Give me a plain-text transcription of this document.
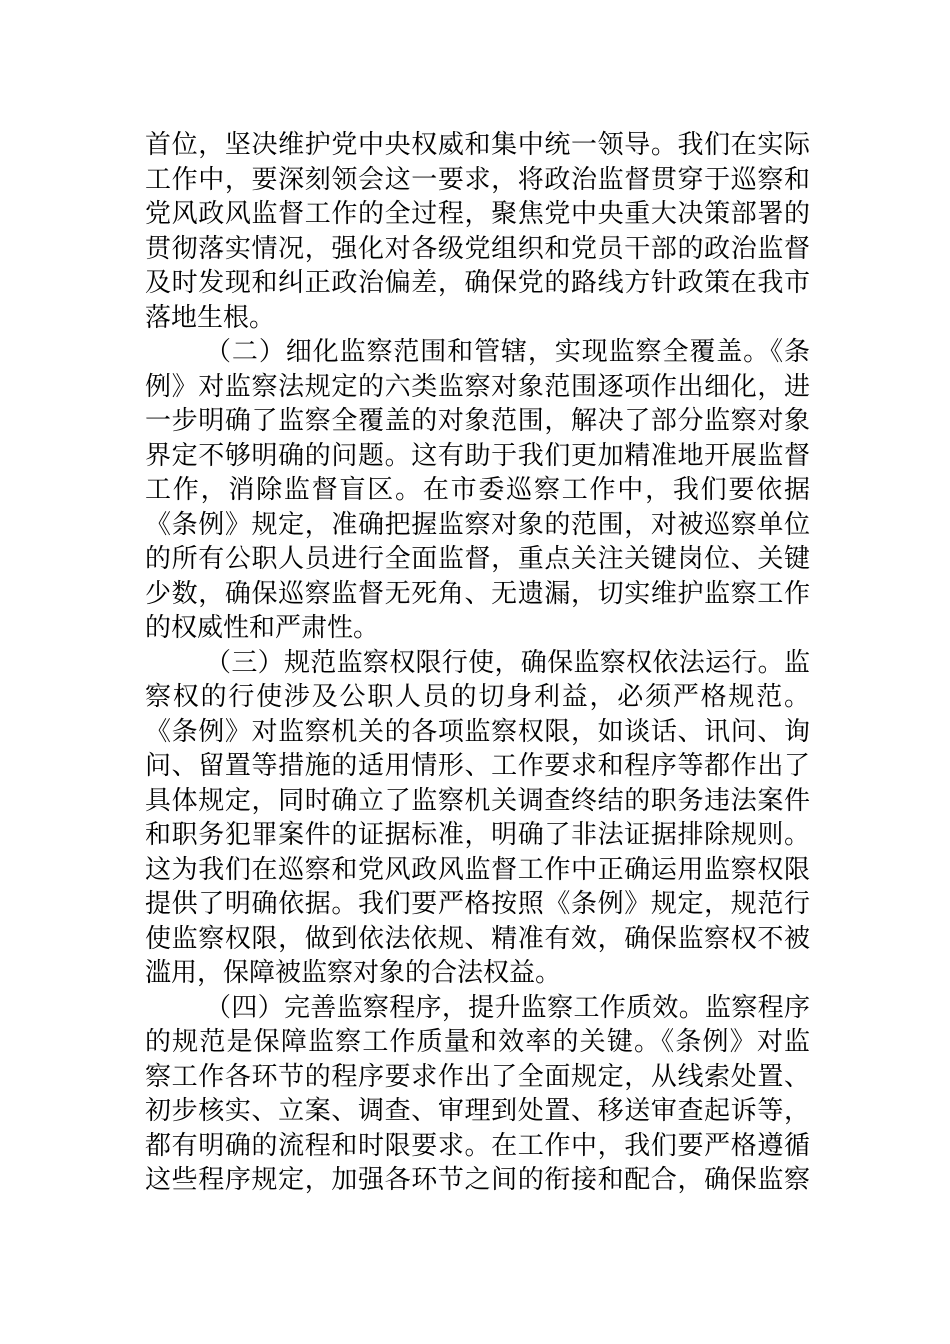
首位，坚决维护党中央权威和集中统一领导。我们在实际
工作中，要深刻领会这一要求，将政治监督贯穿于巡察和
党风政风监督工作的全过程，聚焦党中央重大决策部署的
贯彻落实情况，强化对各级党组织和党员干部的政治监督
及时发现和纠正政治偏差，确保党的路线方针政策在我市
落地生根。
（二）细化监察范围和管辖，实现监察全覆盖。《条
例》对监察法规定的六类监察对象范围逐项作出细化，进
一步明确了监察全覆盖的对象范围，解决了部分监察对象
界定不够明确的问题。这有助于我们更加精准地开展监督
工作，消除监督盲区。在市委巡察工作中，我们要依据
《条例》规定，准确把握监察对象的范围，对被巡察单位
的所有公职人员进行全面监督，重点关注关键岗位、关键
少数，确保巡察监督无死角、无遗漏，切实维护监察工作
的权威性和严肃性。
（三）规范监察权限行使，确保监察权依法运行。监
察权的行使涉及公职人员的切身利益，必须严格规范。
《条例》对监察机关的各项监察权限，如谈话、讯问、询
问、留置等措施的适用情形、工作要求和程序等都作出了
具体规定，同时确立了监察机关调查终结的职务违法案件
和职务犯罪案件的证据标准，明确了非法证据排除规则。
这为我们在巡察和党风政风监督工作中正确运用监察权限
提供了明确依据。我们要严格按照《条例》规定，规范行
使监察权限，做到依法依规、精准有效，确保监察权不被
滥用，保障被监察对象的合法权益。
（四）完善监察程序，提升监察工作质效。监察程序
的规范是保障监察工作质量和效率的关键。《条例》对监
察工作各环节的程序要求作出了全面规定，从线索处置、
初步核实、立案、调查、审理到处置、移送审查起诉等，
都有明确的流程和时限要求。在工作中，我们要严格遵循
这些程序规定，加强各环节之间的衔接和配合，确保监察
